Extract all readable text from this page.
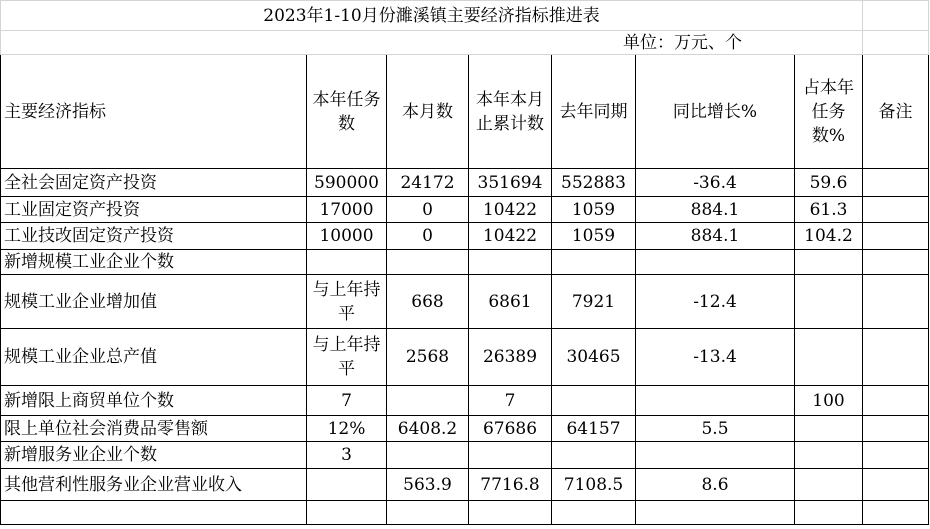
2023年1-10月份濉溪镇主要经济指标推进表							
单位：万元、个							
主要经济指标	本年任务数	本月数	本年本月止累计数	去年同期	同比增长%	占本年任务数%	备注
全社会固定资产投资	590000	24172	351694	552883	-36.4	59.6	
工业固定资产投资	17000	0	10422	1059	884.1	61.3	
工业技改固定资产投资	10000	0	10422	1059	884.1	104.2	
新增规模工业企业个数							
规模工业企业增加值	与上年持平	668	6861	7921	-12.4		
规模工业企业总产值	与上年持平	2568	26389	30465	-13.4		
新增限上商贸单位个数	7		7			100	
限上单位社会消费品零售额	12%	6408.2	67686	64157	5.5		
新增服务业企业个数	3						
其他营利性服务业企业营业收入		563.9	7716.8	7108.5	8.6		
